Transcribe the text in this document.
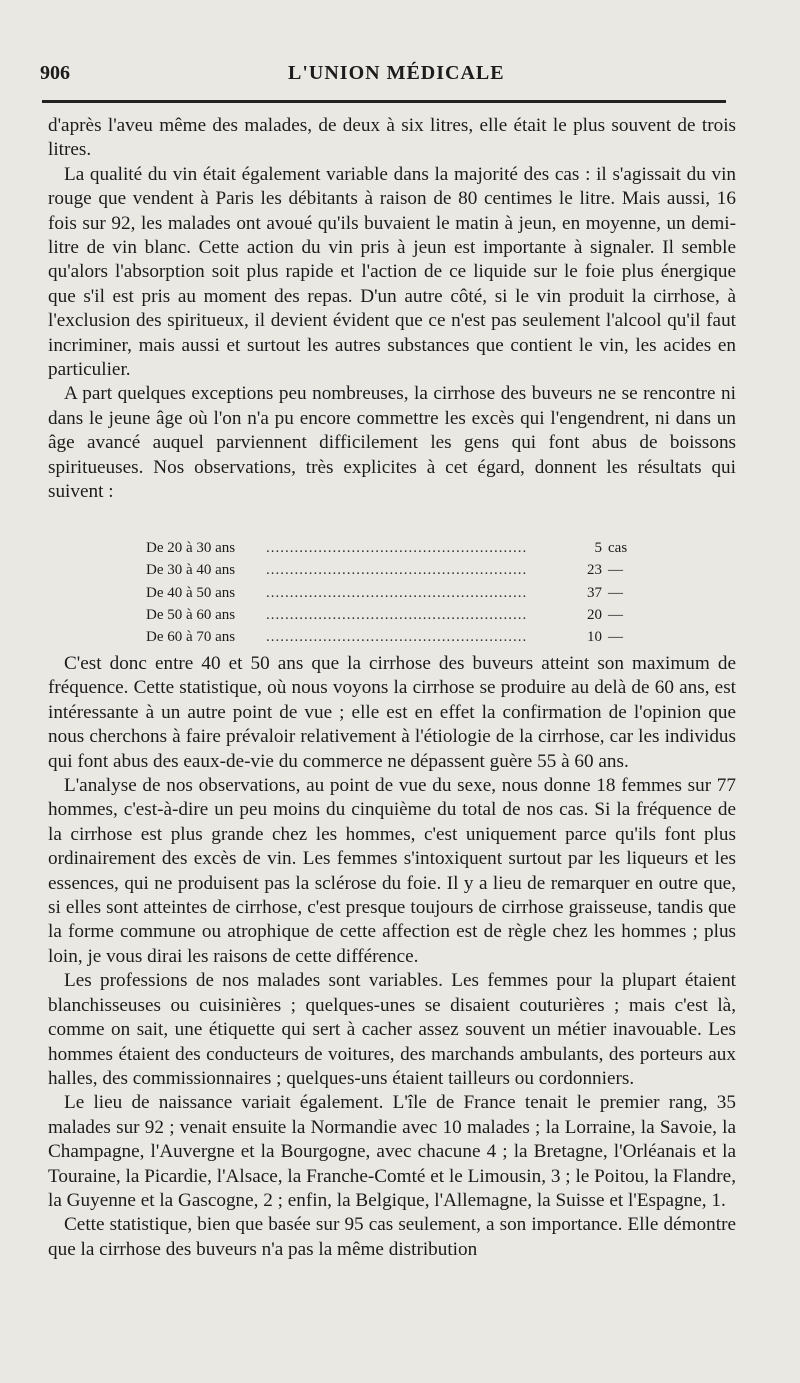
906	L'UNION MÉDICALE

d'après l'aveu même des malades, de deux à six litres, elle était le plus souvent de trois litres.

La qualité du vin était également variable dans la majorité des cas : il s'agissait du vin rouge que vendent à Paris les débitants à raison de 80 centimes le litre. Mais aussi, 16 fois sur 92, les malades ont avoué qu'ils buvaient le matin à jeun, en moyenne, un demi-litre de vin blanc. Cette action du vin pris à jeun est importante à signaler. Il semble qu'alors l'absorption soit plus rapide et l'action de ce liquide sur le foie plus énergique que s'il est pris au moment des repas. D'un autre côté, si le vin produit la cirrhose, à l'exclusion des spiritueux, il devient évident que ce n'est pas seulement l'alcool qu'il faut incriminer, mais aussi et surtout les autres substances que contient le vin, les acides en particulier.

A part quelques exceptions peu nombreuses, la cirrhose des buveurs ne se rencontre ni dans le jeune âge où l'on n'a pu encore commettre les excès qui l'engendrent, ni dans un âge avancé auquel parviennent difficilement les gens qui font abus de boissons spiritueuses. Nos observations, très explicites à cet égard, donnent les résultats qui suivent :

De 20 à 30 ans .......................................................	5 cas
De 30 à 40 ans .......................................................	23 —
De 40 à 50 ans .......................................................	37 —
De 50 à 60 ans .......................................................	20 —
De 60 à 70 ans .......................................................	10 —

C'est donc entre 40 et 50 ans que la cirrhose des buveurs atteint son maximum de fréquence. Cette statistique, où nous voyons la cirrhose se produire au delà de 60 ans, est intéressante à un autre point de vue ; elle est en effet la confirmation de l'opinion que nous cherchons à faire prévaloir relativement à l'étiologie de la cirrhose, car les individus qui font abus des eaux-de-vie du commerce ne dépassent guère 55 à 60 ans.

L'analyse de nos observations, au point de vue du sexe, nous donne 18 femmes sur 77 hommes, c'est-à-dire un peu moins du cinquième du total de nos cas. Si la fréquence de la cirrhose est plus grande chez les hommes, c'est uniquement parce qu'ils font plus ordinairement des excès de vin. Les femmes s'intoxiquent surtout par les liqueurs et les essences, qui ne produisent pas la sclérose du foie. Il y a lieu de remarquer en outre que, si elles sont atteintes de cirrhose, c'est presque toujours de cirrhose graisseuse, tandis que la forme commune ou atrophique de cette affection est de règle chez les hommes ; plus loin, je vous dirai les raisons de cette différence.

Les professions de nos malades sont variables. Les femmes pour la plupart étaient blanchisseuses ou cuisinières ; quelques-unes se disaient couturières ; mais c'est là, comme on sait, une étiquette qui sert à cacher assez souvent un métier inavouable. Les hommes étaient des conducteurs de voitures, des marchands ambulants, des porteurs aux halles, des commissionnaires ; quelques-uns étaient tailleurs ou cordonniers.

Le lieu de naissance variait également. L'île de France tenait le premier rang, 35 malades sur 92 ; venait ensuite la Normandie avec 10 malades ; la Lorraine, la Savoie, la Champagne, l'Auvergne et la Bourgogne, avec chacune 4 ; la Bretagne, l'Orléanais et la Touraine, la Picardie, l'Alsace, la Franche-Comté et le Limousin, 3 ; le Poitou, la Flandre, la Guyenne et la Gascogne, 2 ; enfin, la Belgique, l'Allemagne, la Suisse et l'Espagne, 1.

Cette statistique, bien que basée sur 95 cas seulement, a son importance. Elle démontre que la cirrhose des buveurs n'a pas la même distribution
